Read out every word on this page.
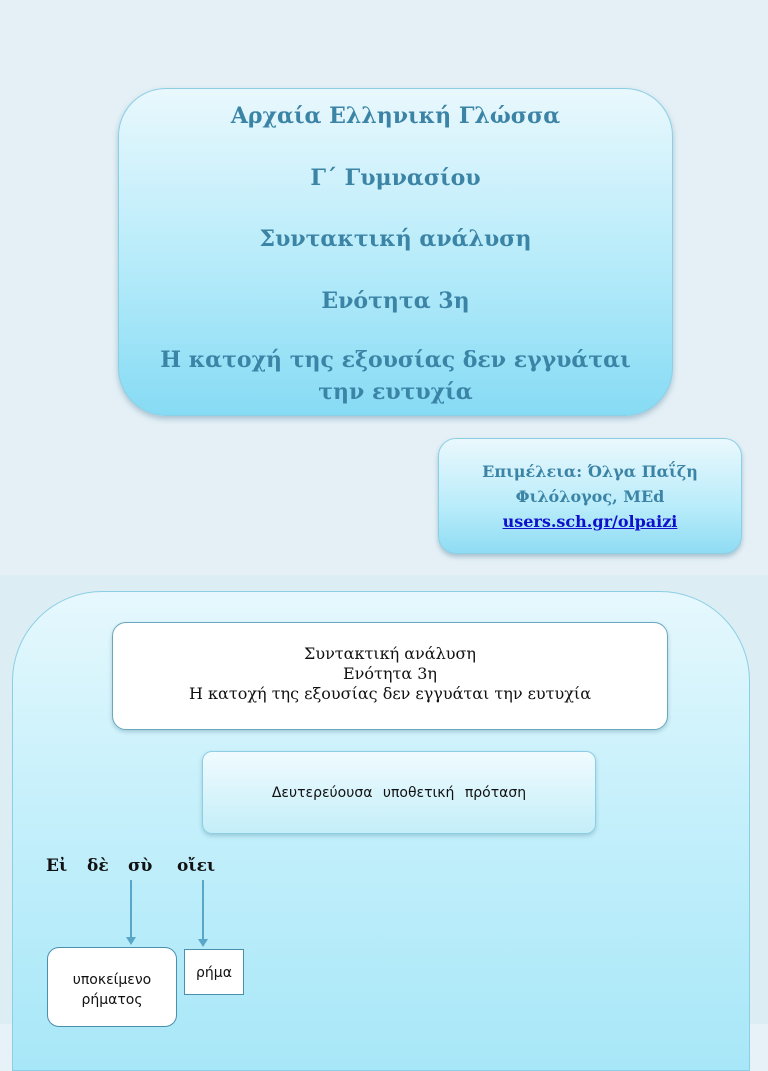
Αρχαία Ελληνική Γλώσσα
Γ΄ Γυμνασίου
Συντακτική ανάλυση
Ενότητα 3η
Η κατοχή της εξουσίας δεν εγγυάται
την ευτυχία
Επιμέλεια: Όλγα Παΐζη
Φιλόλογος, MEd
users.sch.gr/olpaizi
Συντακτική ανάλυση
Ενότητα 3η
Η κατοχή της εξουσίας δεν εγγυάται την ευτυχία
Δευτερεύουσα υποθετική πρόταση
Εἰ δὲ σὺ οἴει
υποκείμενο
ρήματος
ρήμα
